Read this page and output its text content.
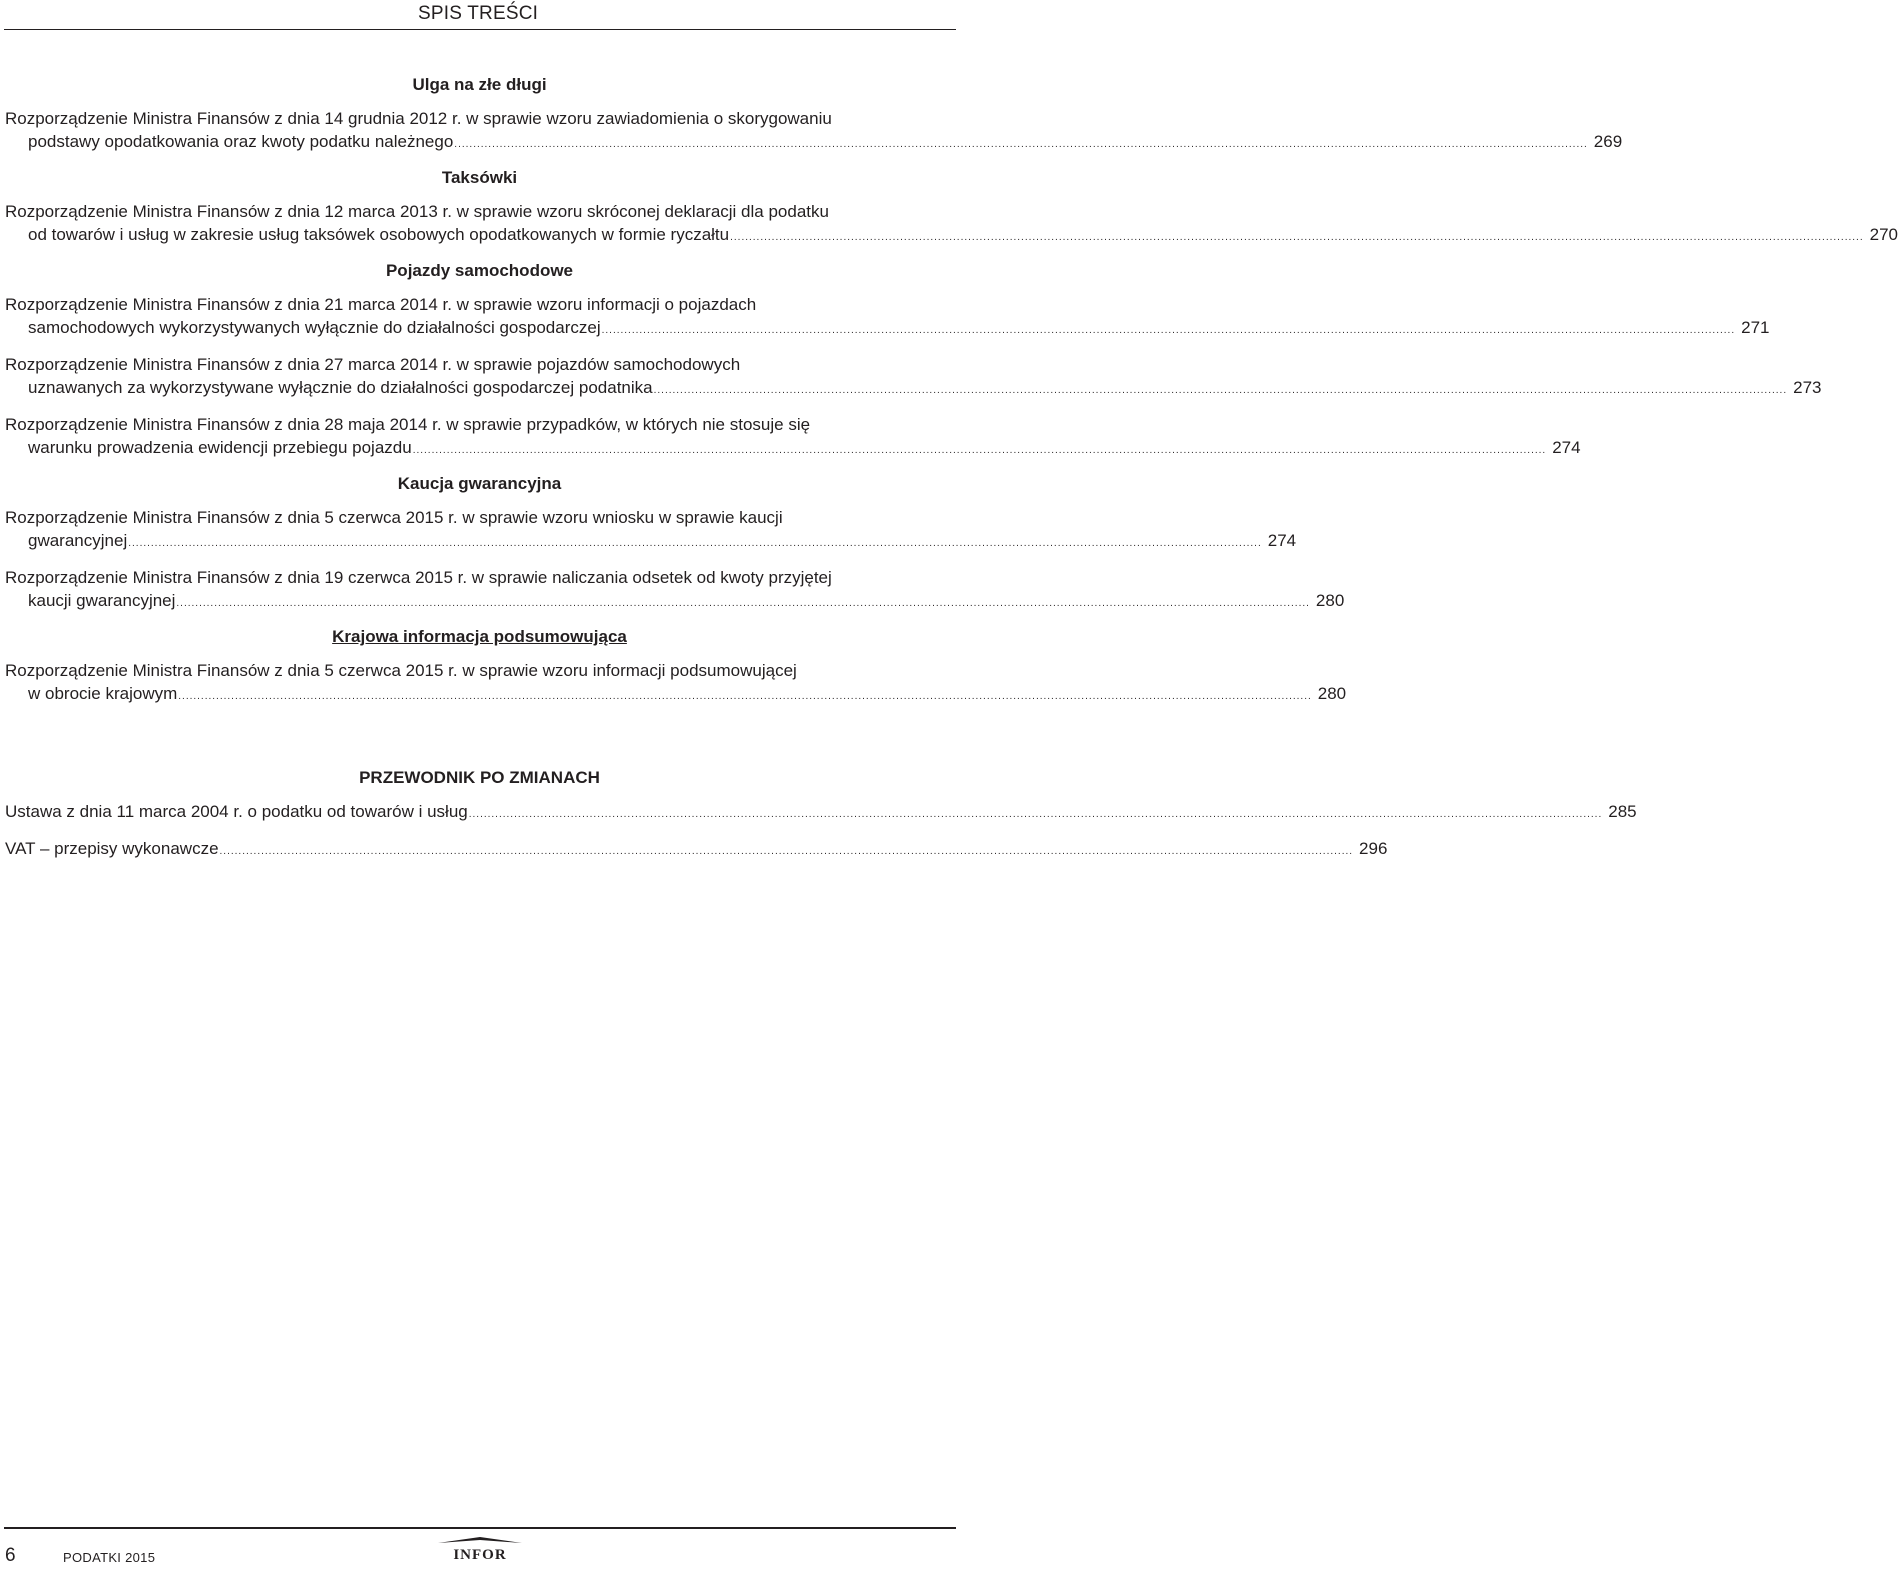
SPIS TREŚCI
Ulga na złe długi
Rozporządzenie Ministra Finansów z dnia 14 grudnia 2012 r. w sprawie wzoru zawiadomienia o skorygowaniu
podstawy opodatkowania oraz kwoty podatku należnego ............................................................................................................................................................................................................................................................................................................ 269
Taksówki
Rozporządzenie Ministra Finansów z dnia 12 marca 2013 r. w sprawie wzoru skróconej deklaracji dla podatku
od towarów i usług w zakresie usług taksówek osobowych opodatkowanych w formie ryczałtu ............................................................................................................................................................................................................................................................................................................ 270
Pojazdy samochodowe
Rozporządzenie Ministra Finansów z dnia 21 marca 2014 r. w sprawie wzoru informacji o pojazdach
samochodowych wykorzystywanych wyłącznie do działalności gospodarczej ............................................................................................................................................................................................................................................................................................................ 271
Rozporządzenie Ministra Finansów z dnia 27 marca 2014 r. w sprawie pojazdów samochodowych
uznawanych za wykorzystywane wyłącznie do działalności gospodarczej podatnika ............................................................................................................................................................................................................................................................................................................ 273
Rozporządzenie Ministra Finansów z dnia 28 maja 2014 r. w sprawie przypadków, w których nie stosuje się
warunku prowadzenia ewidencji przebiegu pojazdu ............................................................................................................................................................................................................................................................................................................ 274
Kaucja gwarancyjna
Rozporządzenie Ministra Finansów z dnia 5 czerwca 2015 r. w sprawie wzoru wniosku w sprawie kaucji
gwarancyjnej ............................................................................................................................................................................................................................................................................................................ 274
Rozporządzenie Ministra Finansów z dnia 19 czerwca 2015 r. w sprawie naliczania odsetek od kwoty przyjętej
kaucji gwarancyjnej ............................................................................................................................................................................................................................................................................................................ 280
Krajowa informacja podsumowująca
Rozporządzenie Ministra Finansów z dnia 5 czerwca 2015 r. w sprawie wzoru informacji podsumowującej
w obrocie krajowym ............................................................................................................................................................................................................................................................................................................ 280
PRZEWODNIK PO ZMIANACH
Ustawa z dnia 11 marca 2004 r. o podatku od towarów i usług ............................................................................................................................................................................................................................................................................................................ 285
VAT – przepisy wykonawcze ............................................................................................................................................................................................................................................................................................................ 296
6	PODATKI 2015	INFOR
